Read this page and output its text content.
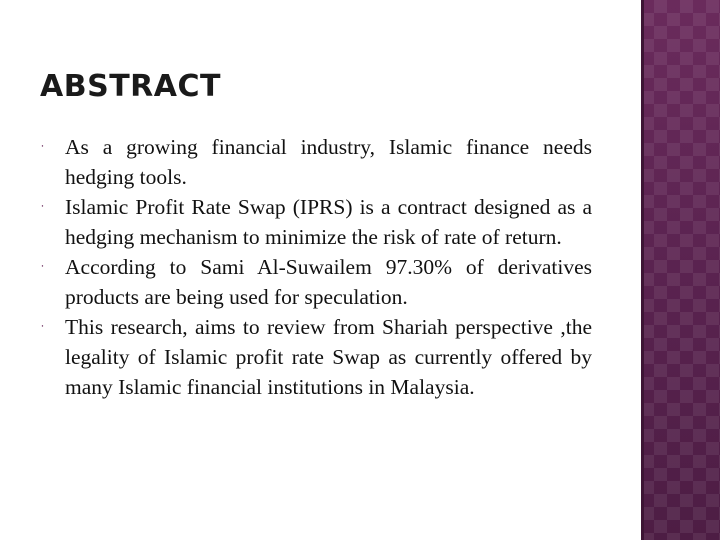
ABSTRACT
⸱ As a growing financial industry, Islamic finance needs hedging tools.
⸱ Islamic Profit Rate Swap (IPRS) is a contract designed as a hedging mechanism to minimize the risk of rate of return.
⸱ According to Sami Al-Suwailem 97.30% of derivatives products are being used for speculation.
⸱ This research, aims to review from Shariah perspective ,the legality of Islamic profit rate Swap as currently offered by many Islamic financial institutions in Malaysia.
